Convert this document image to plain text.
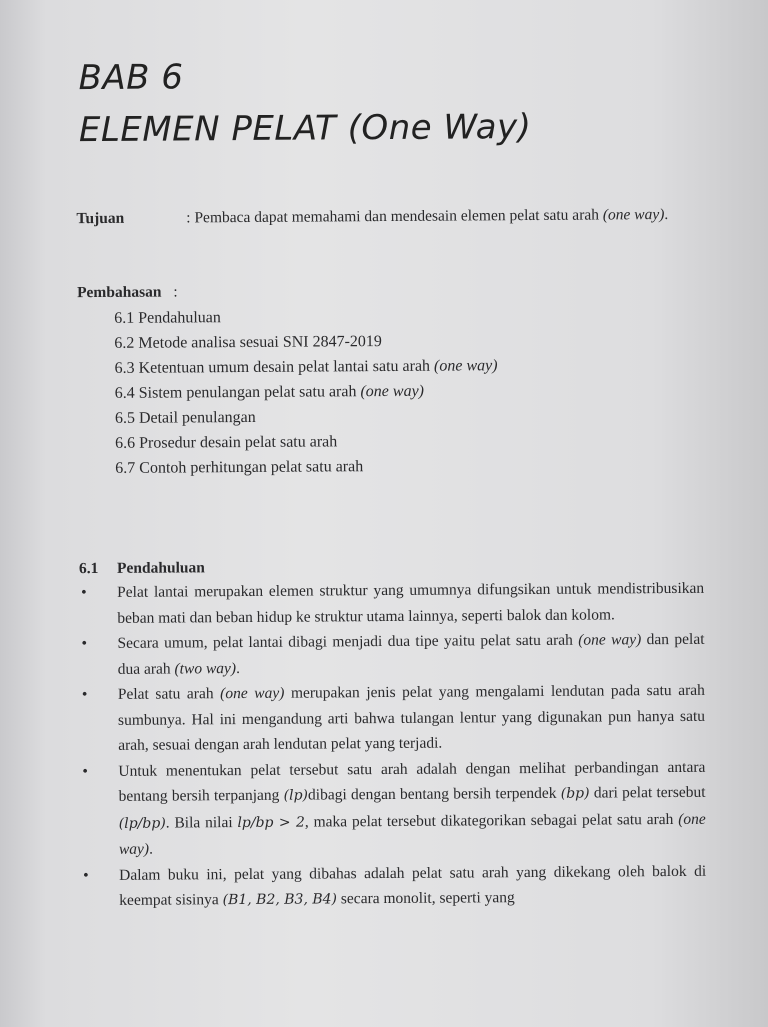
BAB 6
ELEMEN PELAT (One Way)
Tujuan	: Pembaca dapat memahami dan mendesain elemen pelat satu arah (one way).
Pembahasan :
6.1 Pendahuluan
6.2 Metode analisa sesuai SNI 2847-2019
6.3 Ketentuan umum desain pelat lantai satu arah (one way)
6.4 Sistem penulangan pelat satu arah (one way)
6.5 Detail penulangan
6.6 Prosedur desain pelat satu arah
6.7 Contoh perhitungan pelat satu arah
6.1 Pendahuluan
• Pelat lantai merupakan elemen struktur yang umumnya difungsikan untuk mendistribusikan beban mati dan beban hidup ke struktur utama lainnya, seperti balok dan kolom.
• Secara umum, pelat lantai dibagi menjadi dua tipe yaitu pelat satu arah (one way) dan pelat dua arah (two way).
• Pelat satu arah (one way) merupakan jenis pelat yang mengalami lendutan pada satu arah sumbunya. Hal ini mengandung arti bahwa tulangan lentur yang digunakan pun hanya satu arah, sesuai dengan arah lendutan pelat yang terjadi.
• Untuk menentukan pelat tersebut satu arah adalah dengan melihat perbandingan antara bentang bersih terpanjang (lp)dibagi dengan bentang bersih terpendek (bp) dari pelat tersebut (lp/bp). Bila nilai lp/bp > 2, maka pelat tersebut dikategorikan sebagai pelat satu arah (one way).
• Dalam buku ini, pelat yang dibahas adalah pelat satu arah yang dikekang oleh balok di keempat sisinya (B1, B2, B3, B4) secara monolit, seperti yang
